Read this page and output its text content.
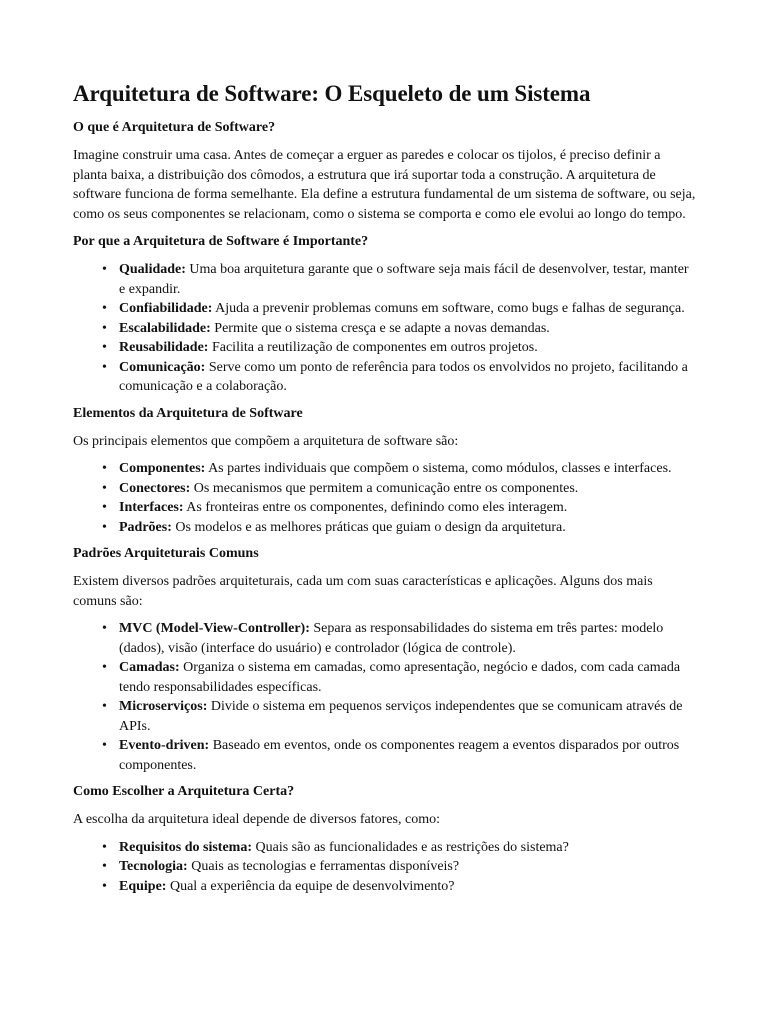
Arquitetura de Software: O Esqueleto de um Sistema
O que é Arquitetura de Software?

Imagine construir uma casa. Antes de começar a erguer as paredes e colocar os tijolos, é preciso definir a planta baixa, a distribuição dos cômodos, a estrutura que irá suportar toda a construção. A arquitetura de software funciona de forma semelhante. Ela define a estrutura fundamental de um sistema de software, ou seja, como os seus componentes se relacionam, como o sistema se comporta e como ele evolui ao longo do tempo.

Por que a Arquitetura de Software é Importante?
• Qualidade: Uma boa arquitetura garante que o software seja mais fácil de desenvolver, testar, manter e expandir.
• Confiabilidade: Ajuda a prevenir problemas comuns em software, como bugs e falhas de segurança.
• Escalabilidade: Permite que o sistema cresça e se adapte a novas demandas.
• Reusabilidade: Facilita a reutilização de componentes em outros projetos.
• Comunicação: Serve como um ponto de referência para todos os envolvidos no projeto, facilitando a comunicação e a colaboração.
Elementos da Arquitetura de Software

Os principais elementos que compõem a arquitetura de software são:

• Componentes: As partes individuais que compõem o sistema, como módulos, classes e interfaces.
• Conectores: Os mecanismos que permitem a comunicação entre os componentes.
• Interfaces: As fronteiras entre os componentes, definindo como eles interagem.
• Padrões: Os modelos e as melhores práticas que guiam o design da arquitetura.
Padrões Arquiteturais Comuns

Existem diversos padrões arquiteturais, cada um com suas características e aplicações. Alguns dos mais comuns são:

• MVC (Model-View-Controller): Separa as responsabilidades do sistema em três partes: modelo (dados), visão (interface do usuário) e controlador (lógica de controle).
• Camadas: Organiza o sistema em camadas, como apresentação, negócio e dados, com cada camada tendo responsabilidades específicas.
• Microserviços: Divide o sistema em pequenos serviços independentes que se comunicam através de APIs.
• Evento-driven: Baseado em eventos, onde os componentes reagem a eventos disparados por outros componentes.
Como Escolher a Arquitetura Certa?

A escolha da arquitetura ideal depende de diversos fatores, como:

• Requisitos do sistema: Quais são as funcionalidades e as restrições do sistema?
• Tecnologia: Quais as tecnologias e ferramentas disponíveis?
• Equipe: Qual a experiência da equipe de desenvolvimento?
